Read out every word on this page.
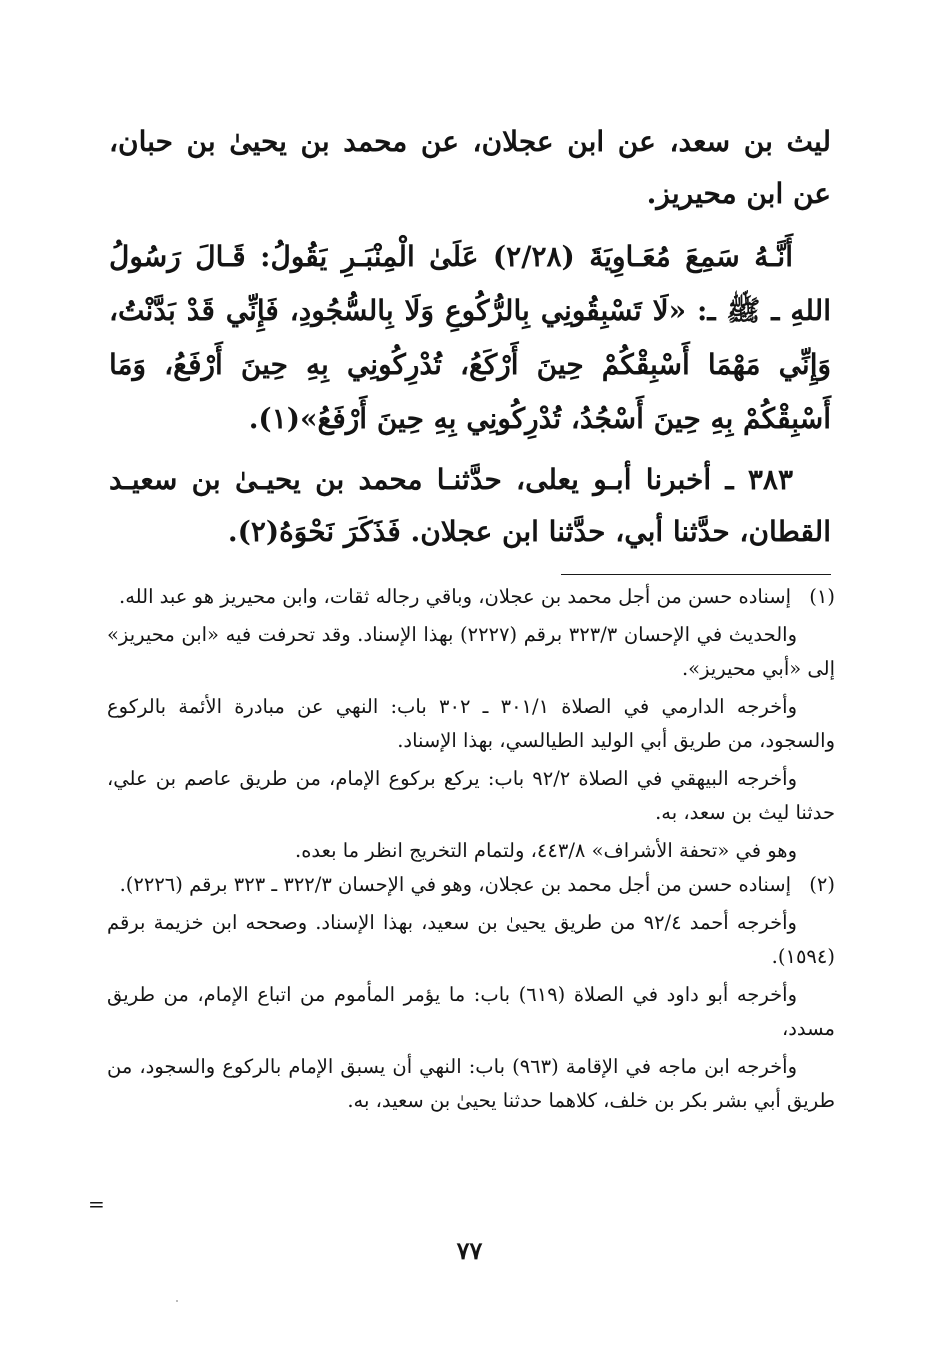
ليث بن سعد، عن ابن عجلان، عن محمد بن يحيىٰ بن حبان، عن ابن محيريز.

أَنَّـهُ سَمِعَ مُعَـاوِيَةَ (٢/٢٨) عَلَىٰ الْمِنْبَـرِ يَقُولُ: قَـالَ رَسُولُ اللهِ ـ ﷺ ـ: «لَا تَسْبِقُونِي بِالرُّكُوعِ وَلَا بِالسُّجُودِ، فَإِنِّي قَدْ بَدَّنْتُ، وَإِنِّي مَهْمَا أَسْبِقْكُمْ حِينَ أَرْكَعُ، تُدْرِكُونِي بِهِ حِينَ أَرْفَعُ، وَمَا أَسْبِقْكُمْ بِهِ حِينَ أَسْجُدُ، تُدْرِكُونِي بِهِ حِينَ أَرْفَعُ»(١).

٣٨٣ ـ أخبرنا أبـو يعلى، حدَّثنـا محمد بن يحيـىٰ بن سعيـد القطان، حدَّثنا أبي، حدَّثنا ابن عجلان. فَذَكَرَ نَحْوَهُ(٢).

(١)
إسناده حسن من أجل محمد بن عجلان، وباقي رجاله ثقات، وابن محيريز هو عبد الله.

والحديث في الإحسان ٣٢٣/٣ برقم (٢٢٢٧) بهذا الإسناد. وقد تحرفت فيه «ابن محيريز» إلى «أبي محيريز».

وأخرجه الدارمي في الصلاة ٣٠١/١ ـ ٣٠٢ باب: النهي عن مبادرة الأئمة بالركوع والسجود، من طريق أبي الوليد الطيالسي، بهذا الإسناد.

وأخرجه البيهقي في الصلاة ٩٢/٢ باب: يركع بركوع الإمام، من طريق عاصم بن علي، حدثنا ليث بن سعد، به.

وهو في «تحفة الأشراف» ٤٤٣/٨، ولتمام التخريج انظر ما بعده.

(٢)
إسناده حسن من أجل محمد بن عجلان، وهو في الإحسان ٣٢٢/٣ ـ ٣٢٣ برقم (٢٢٢٦).

وأخرجه أحمد ٩٢/٤ من طريق يحيىٰ بن سعيد، بهذا الإسناد. وصححه ابن خزيمة برقم (١٥٩٤).

وأخرجه أبو داود في الصلاة (٦١٩) باب: ما يؤمر المأموم من اتباع الإمام، من طريق مسدد،

وأخرجه ابن ماجه في الإقامة (٩٦٣) باب: النهي أن يسبق الإمام بالركوع والسجود، من طريق أبي بشر بكر بن خلف، كلاهما حدثنا يحيىٰ بن سعيد، به.

=
٧٧
